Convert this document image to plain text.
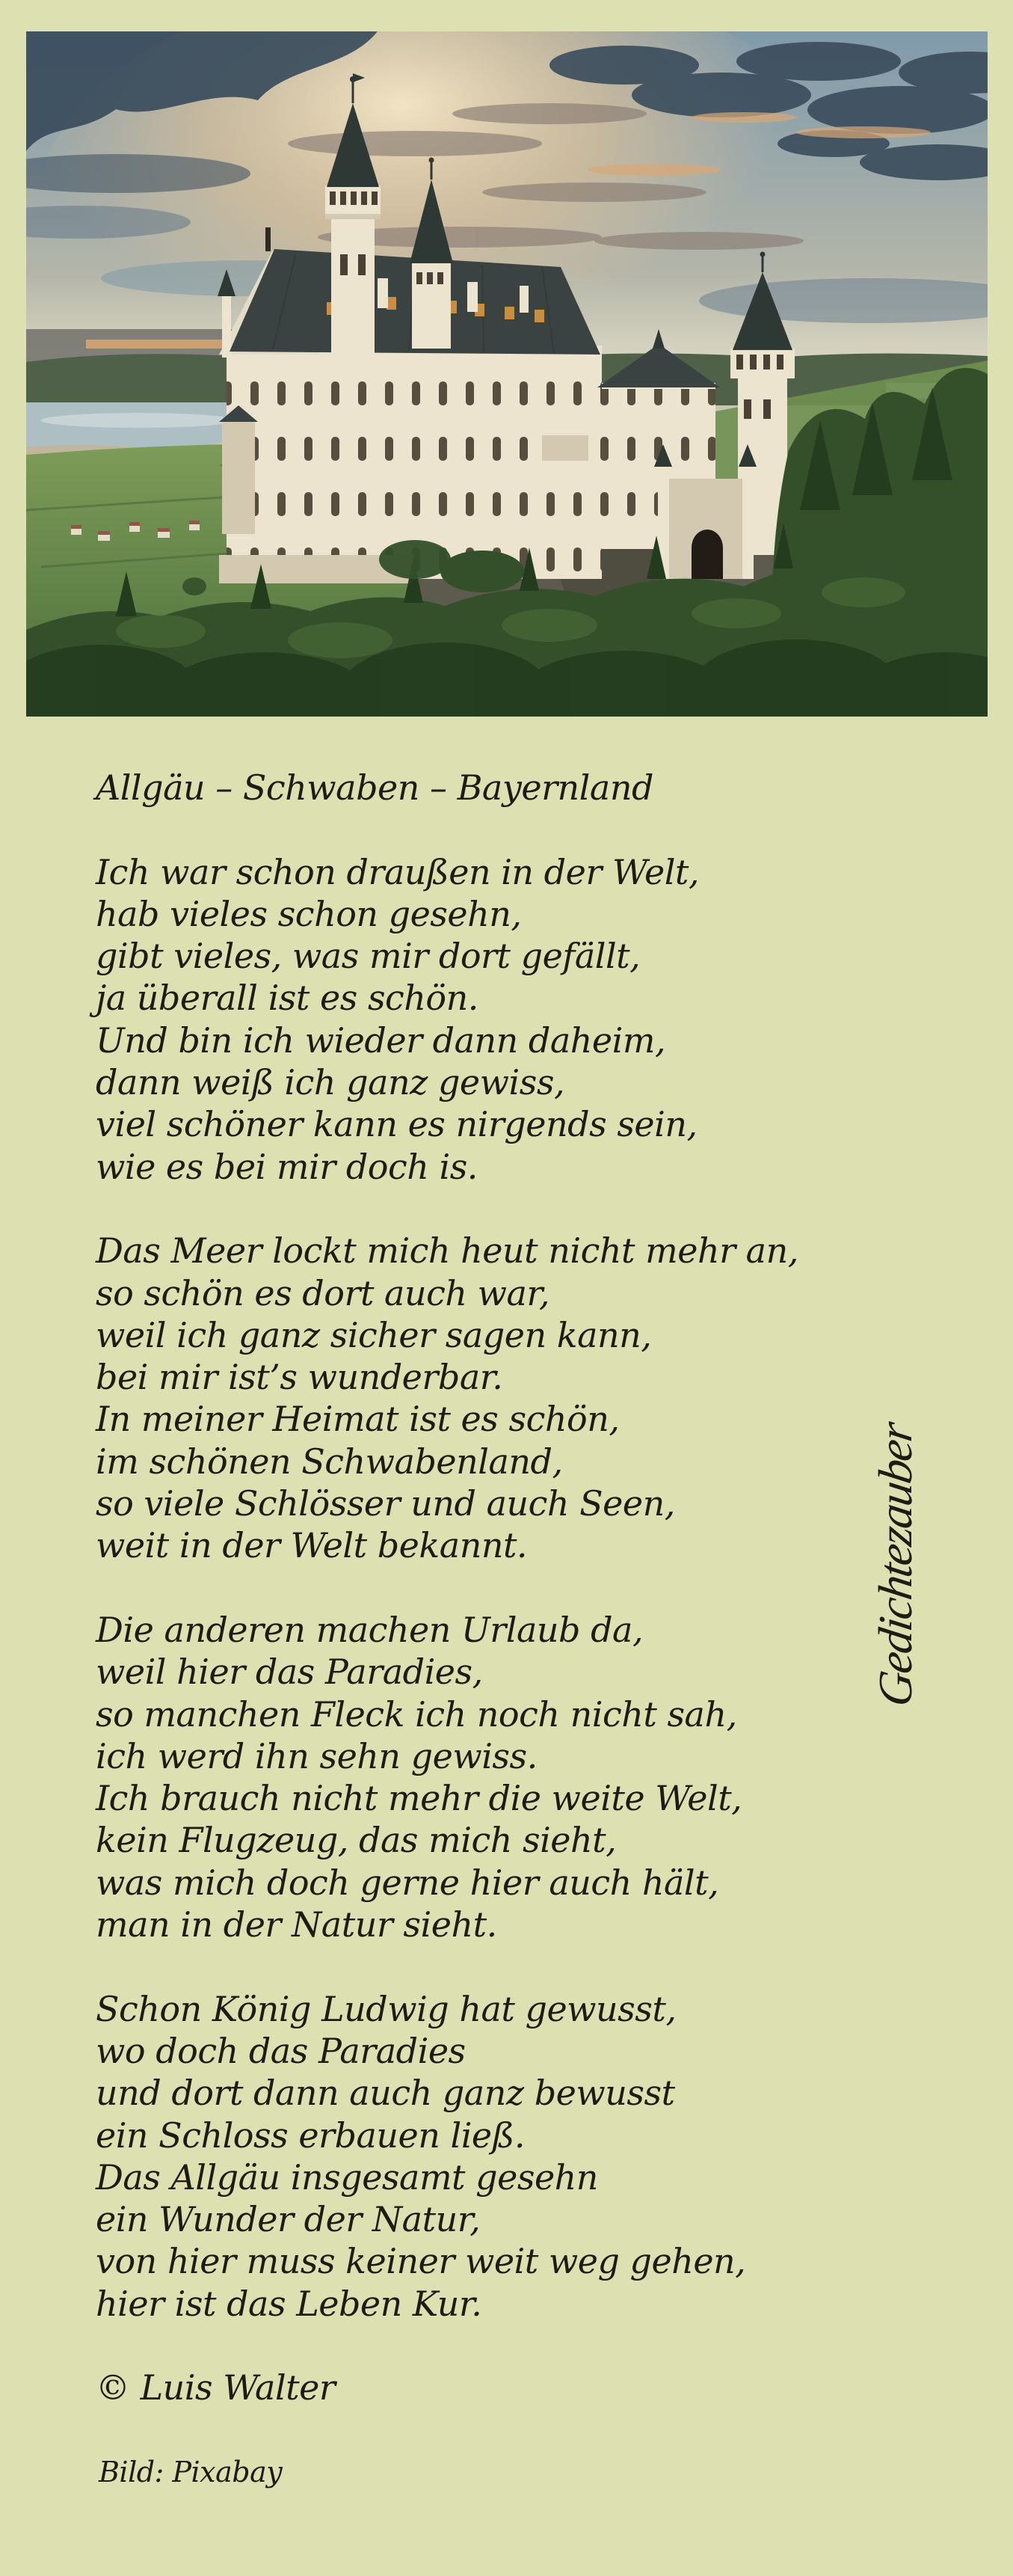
Allgäu – Schwaben – Bayernland

Ich war schon draußen in der Welt,
hab vieles schon gesehn,
gibt vieles, was mir dort gefällt,
ja überall ist es schön.
Und bin ich wieder dann daheim,
dann weiß ich ganz gewiss,
viel schöner kann es nirgends sein,
wie es bei mir doch is.

Das Meer lockt mich heut nicht mehr an,
so schön es dort auch war,
weil ich ganz sicher sagen kann,
bei mir ist’s wunderbar.
In meiner Heimat ist es schön,
im schönen Schwabenland,
so viele Schlösser und auch Seen,
weit in der Welt bekannt.

Die anderen machen Urlaub da,
weil hier das Paradies,
so manchen Fleck ich noch nicht sah,
ich werd ihn sehn gewiss.
Ich brauch nicht mehr die weite Welt,
kein Flugzeug, das mich sieht,
was mich doch gerne hier auch hält,
man in der Natur sieht.

Schon König Ludwig hat gewusst,
wo doch das Paradies
und dort dann auch ganz bewusst
ein Schloss erbauen ließ.
Das Allgäu insgesamt gesehn
ein Wunder der Natur,
von hier muss keiner weit weg gehen,
hier ist das Leben Kur.

© Luis Walter

Bild: Pixabay

Gedichtezauber
